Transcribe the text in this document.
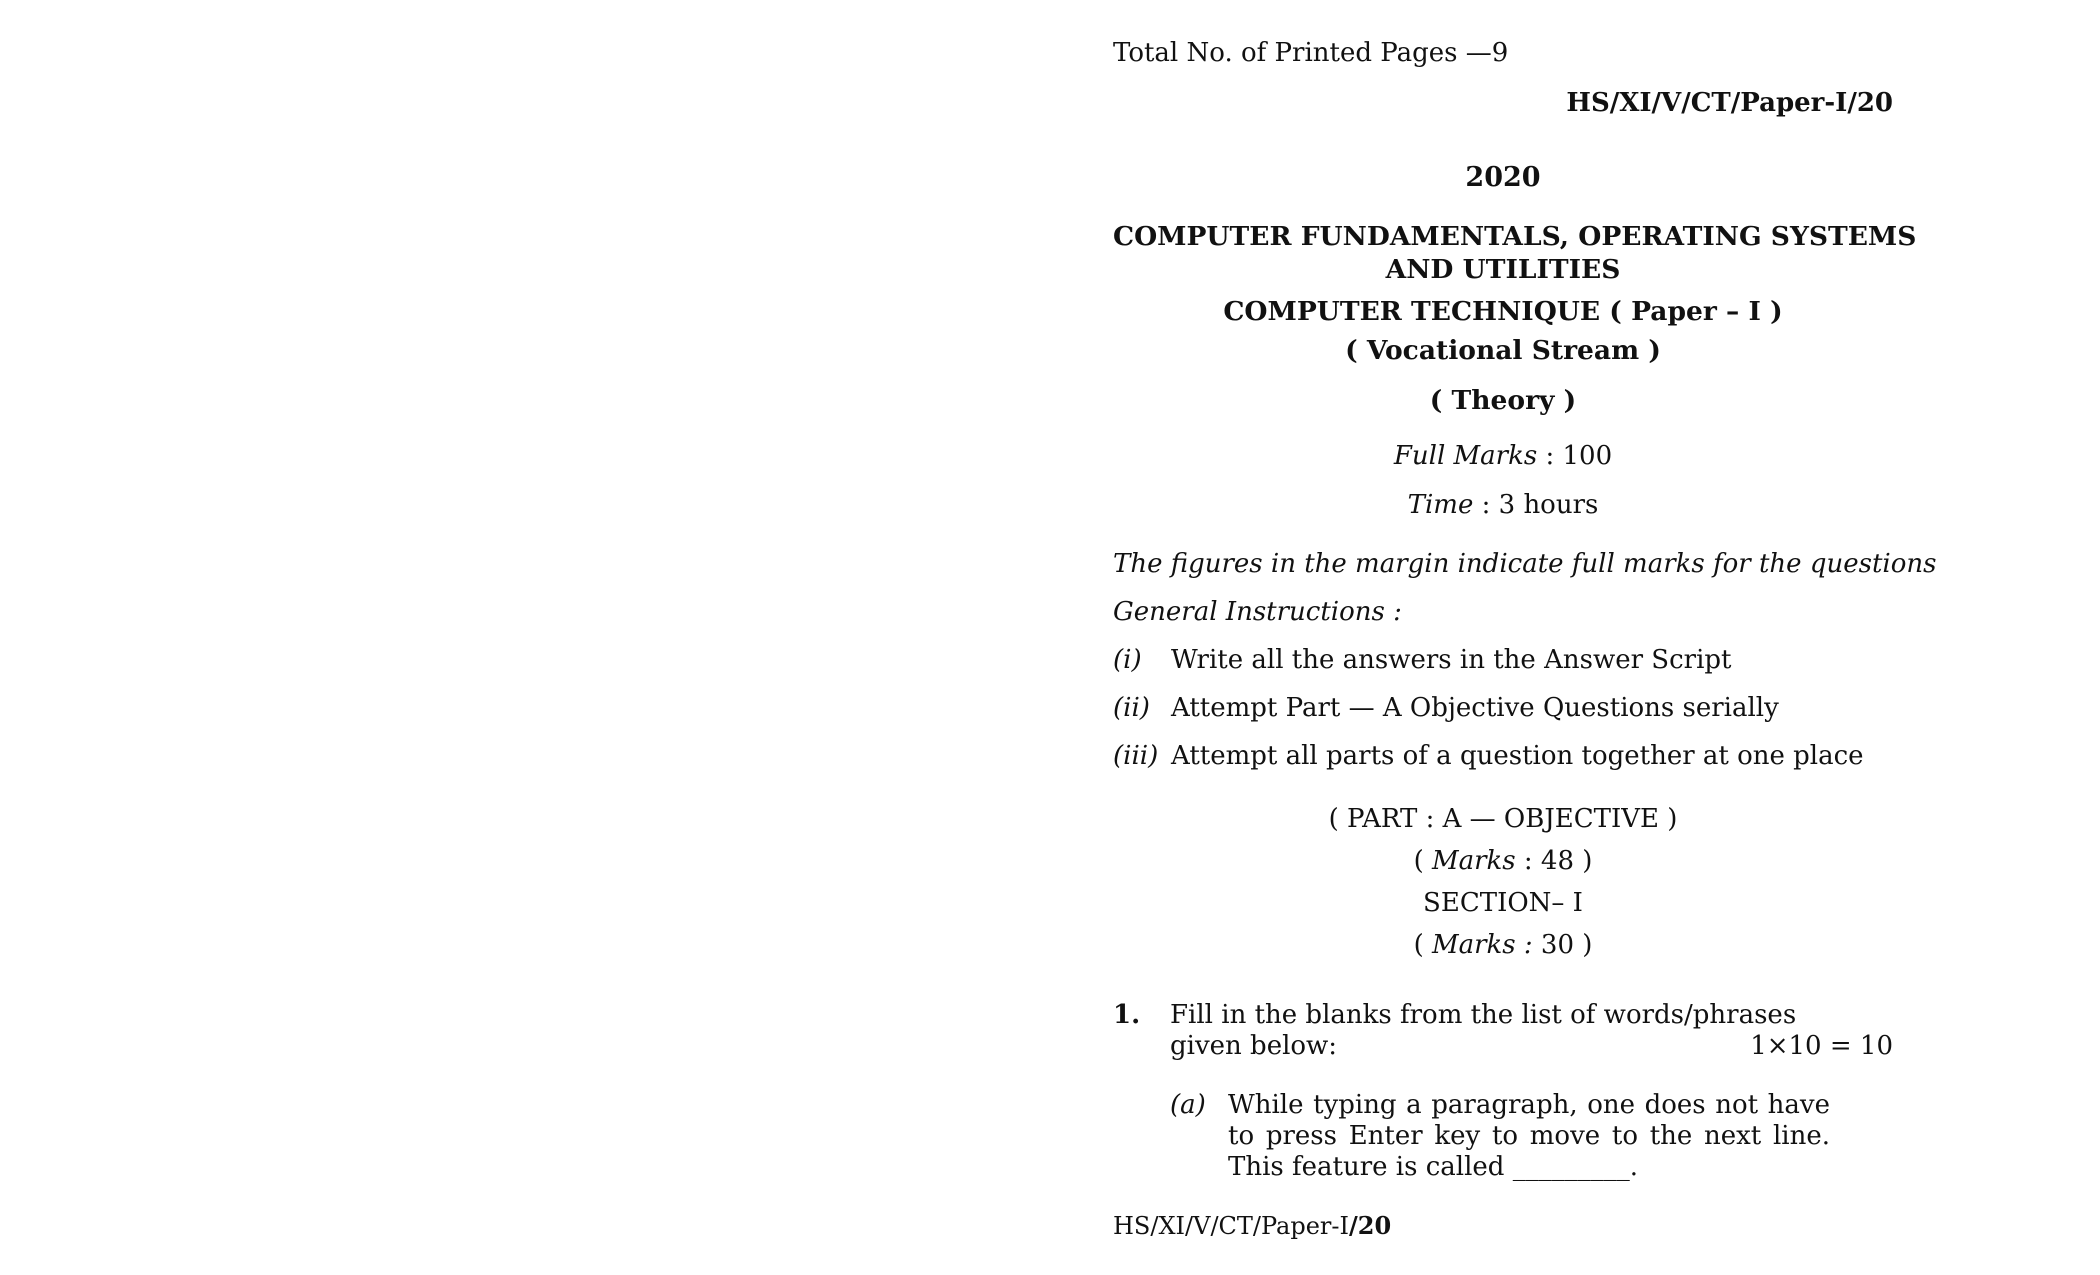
Total No. of Printed Pages —9
HS/XI/V/CT/Paper-I/20
2020
COMPUTER FUNDAMENTALS, OPERATING SYSTEMS
AND UTILITIES
COMPUTER TECHNIQUE ( Paper – I )
( Vocational Stream )
( Theory )
Full Marks : 100
Time : 3 hours
The figures in the margin indicate full marks for the questions
General Instructions :
(i) Write all the answers in the Answer Script
(ii) Attempt Part — A Objective Questions serially
(iii) Attempt all parts of a question together at one place
( PART : A — OBJECTIVE )
( Marks : 48 )
SECTION– I
( Marks : 30 )
1. Fill in the blanks from the list of words/phrases given below:	1×10 = 10
(a) While typing a paragraph, one does not have to press Enter key to move to the next line. This feature is called _________.
HS/XI/V/CT/Paper-I/20
